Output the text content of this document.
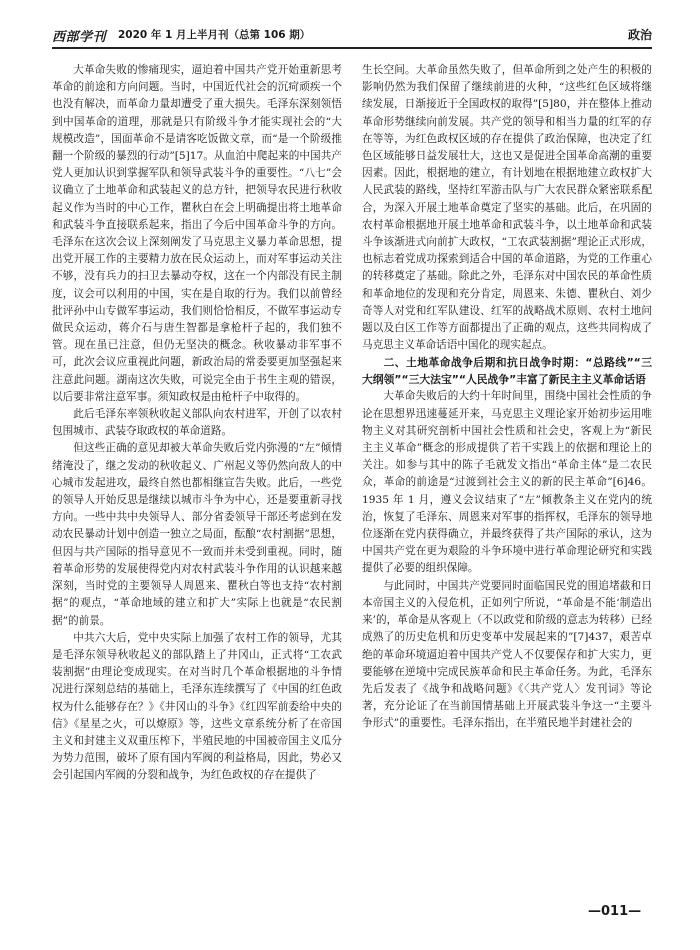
西部学刊 2020 年 1 月上半月刊（总第 106 期）	政治

大革命失败的惨痛现实，逼迫着中国共产党开始重新思考革命的前途和方向问题。当时，中国近代社会的沉疴顽疾一个也没有解决，而革命力量却遭受了重大损失。毛泽东深刻领悟到中国革命的道理，那就是只有阶级斗争才能实现社会的“大规模改造”，国面革命不是请客吃饭做文章，而“是一个阶级推翻一个阶级的暴烈的行动”[5]17。从血泊中爬起来的中国共产党人更加认识到掌握军队和领导武装斗争的重要性。“八七”会议确立了土地革命和武装起义的总方针，把领导农民进行秋收起义作为当时的中心工作，瞿秋白在会上明确提出将土地革命和武装斗争直接联系起来，指出了今后中国革命斗争的方向。毛泽东在这次会议上深刻阐发了马克思主义暴力革命思想，提出党开展工作的主要精力放在民众运动上，而对军事运动关注不够，没有兵力的扫卫去暴动夺权，这在一个内部没有民主制度，议会可以利用的中国，实在是自取的行为。我们以前曾经批评孙中山专做军事运动，我们则恰恰相反，不做军事运动专做民众运动，蒋介石与唐生智都是拿枪杆子起的，我们独不管。现在虽已注意，但仍无坚决的概念。秋收暴动非军事不可，此次会议应重视此问题，新政治局的常委要更加坚强起来注意此问题。湖南这次失败，可说完全由于书生主观的错误，以后要非常注意军事。须知政权是由枪杆子中取得的。

此后毛泽东率领秋收起义部队向农村进军，开创了以农村包围城市、武装夺取政权的革命道路。

但这些正确的意见却被大革命失败后党内弥漫的“左”倾情绪淹没了，继之发动的秋收起义、广州起义等仍然向敌人的中心城市发起进攻，最终自然也都相继宣告失败。此后，一些党的领导人开始反思是继续以城市斗争为中心，还是要重新寻找方向。一些中共中央领导人、部分省委领导干部还考虑到在发动农民暴动计划中创造一独立之局面，酝酿“农村割据”思想，但因与共产国际的指导意见不一致而并未受到重视。同时，随着革命形势的发展使得党内对农村武装斗争作用的认识越来越深刻，当时党的主要领导人周恩来、瞿秋白等也支持“农村割据”的观点，“革命地域的建立和扩大”实际上也就是“农民割据”的前景。

中共六大后，党中央实际上加强了农村工作的领导，尤其是毛泽东领导秋收起义的部队踏上了井冈山，正式将“工农武装割据”由理论变成现实。在对当时几个革命根据地的斗争情况进行深刻总结的基础上，毛泽东连续撰写了《中国的红色政权为什么能够存在？》《井冈山的斗争》《红四军前委给中央的信》《星星之火，可以燎原》等，这些文章系统分析了在帝国主义和封建主义双重压榨下，半殖民地的中国被帝国主义瓜分为势力范围，破坏了原有国内军阀的利益格局，因此，势必又会引起国内军阀的分裂和战争，为红色政权的存在提供了

生长空间。大革命虽然失败了，但革命所到之处产生的积极的影响仍然为我们保留了继续前进的火种，“这些红色区域将继续发展，日渐接近于全国政权的取得”[5]80，并在整体上推动革命形势继续向前发展。共产党的领导和相当力量的红军的存在等等，为红色政权区域的存在提供了政治保障，也决定了红色区域能够日益发展壮大，这也又是促进全国革命高潮的重要因素。因此，根据地的建立，有计划地在根据地建立政权扩大人民武装的路线，坚持红军游击队与广大农民群众紧密联系配合，为深入开展土地革命奠定了坚实的基础。此后，在巩固的农村革命根据地开展土地革命和武装斗争，以土地革命和武装斗争该渐进式向前扩大政权，“工农武装割据”理论正式形成，也标志着党成功探索到适合中国的革命道路，为党的工作重心的转移奠定了基础。除此之外，毛泽东对中国农民的革命性质和革命地位的发现和充分肯定，周恩来、朱德、瞿秋白、刘少奇等人对党和红军队建设、红军的战略战术原则、农村土地问题以及白区工作等方面都提出了正确的观点，这些共同构成了马克思主义革命话语中国化的现实起点。

二、土地革命战争后期和抗日战争时期：“总路线”“三大纲领”“三大法宝”“人民战争”丰富了新民主主义革命话语

大革命失败后的大约十年时间里，围绕中国社会性质的争论在思想界迅速蔓延开来，马克思主义理论家开始初步运用唯物主义对其研究剖析中国社会性质和社会史，客观上为“新民主主义革命”概念的形成提供了若干实践上的依据和理论上的关注。如参与其中的陈子毛就发文指出“革命主体”是二农民众，革命的前途是“过渡到社会主义的新的民主革命”[6]46。1935 年 1 月，遵义会议结束了“左”倾教条主义在党内的统治，恢复了毛泽东、周恩来对军事的指挥权，毛泽东的领导地位逐渐在党内获得确立，并最终获得了共产国际的承认，这为中国共产党在更为艰险的斗争环境中进行革命理论研究和实践提供了必要的组织保障。

与此同时，中国共产党要同时面临国民党的围追堵截和日本帝国主义的入侵危机，正如列宁所说，“革命是不能‘制造出来’的，革命是从客观上（不以政党和阶级的意志为转移）已经成熟了的历史危机和历史变革中发展起来的”[7]437，艰苦卓绝的革命环境逼迫着中国共产党人不仅要保存和扩大实力，更要能够在逆境中完成民族革命和民主革命任务。为此，毛泽东先后发表了《战争和战略问题》《〈共产党人〉发刊词》等论著，充分论证了在当前国情基础上开展武装斗争这一“主要斗争形式”的重要性。毛泽东指出，在半殖民地半封建社会的

—011—
